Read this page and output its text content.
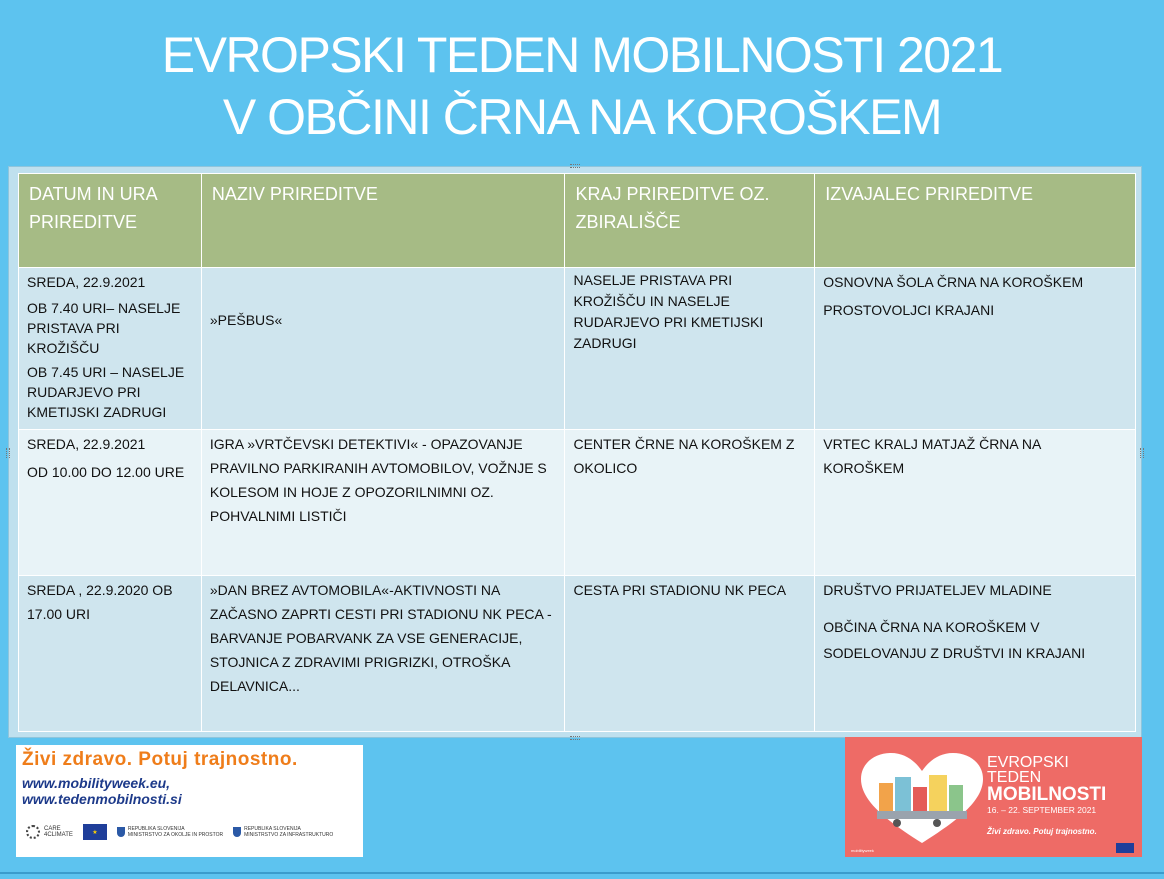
EVROPSKI TEDEN MOBILNOSTI 2021
V OBČINI ČRNA NA KOROŠKEM
DATUM IN URA PRIREDITVE	NAZIV PRIREDITVE	KRAJ PRIREDITVE OZ. ZBIRALIŠČE	IZVAJALEC PRIREDITVE

SREDA, 22.9.2021
OB 7.40 URI– NASELJE PRISTAVA PRI KROŽIŠČU
OB 7.45 URI – NASELJE RUDARJEVO PRI KMETIJSKI ZADRUGI	»PEŠBUS«	NASELJE PRISTAVA PRI KROŽIŠČU IN NASELJE RUDARJEVO PRI KMETIJSKI ZADRUGI	OSNOVNA ŠOLA ČRNA NA KOROŠKEM
PROSTOVOLJCI KRAJANI

SREDA, 22.9.2021
OD 10.00 DO 12.00 URE	IGRA »VRTČEVSKI DETEKTIVI« - OPAZOVANJE PRAVILNO PARKIRANIH AVTOMOBILOV, VOŽNJE S KOLESOM IN HOJE Z OPOZORILNIMNI OZ. POHVALNIMI LISTIČI	CENTER ČRNE NA KOROŠKEM Z OKOLICO	VRTEC KRALJ MATJAŽ ČRNA NA KOROŠKEM

SREDA , 22.9.2020 OB 17.00 URI	»DAN BREZ AVTOMOBILA«-AKTIVNOSTI NA ZAČASNO ZAPRTI CESTI PRI STADIONU NK PECA - BARVANJE POBARVANK ZA VSE GENERACIJE, STOJNICA Z ZDRAVIMI PRIGRIZKI, OTROŠKA DELAVNICA...	CESTA PRI STADIONU NK PECA	DRUŠTVO PRIJATELJEV MLADINE
OBČINA ČRNA NA KOROŠKEM V SODELOVANJU Z DRUŠTVI IN KRAJANI
Živi zdravo. Potuj trajnostno.
www.mobilityweek.eu,
www.tedenmobilnosti.si
CARE
4CLIMATE	★
REPUBLIKA SLOVENIJA
MINISTRSTVO ZA OKOLJE IN PROSTOR
REPUBLIKA SLOVENIJA
MINISTRSTVO ZA INFRASTRUKTURO
EVROPSKI
TEDEN
MOBILNOSTI
16. – 22. SEPTEMBER 2021
Živi zdravo. Potuj trajnostno.
mobilityweek
